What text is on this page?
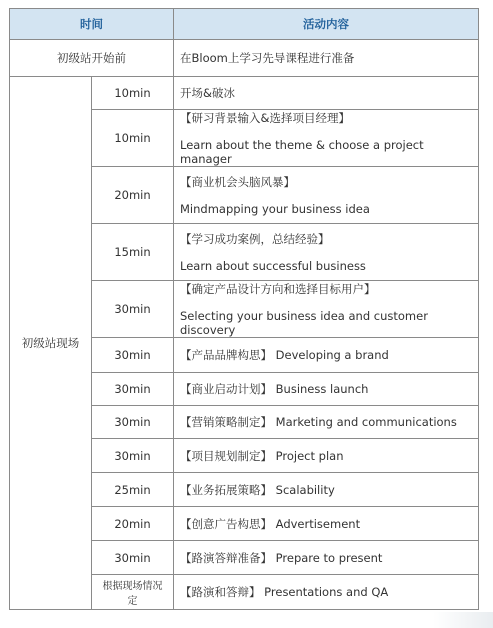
时间		活动内容
初级站开始前		在Bloom上学习先导课程进行准备
初级站现场	10min	开场&破冰

	10min	【研习背景输入&选择项目经理】
Learn about the theme & choose a project manager

	20min	【商业机会头脑风暴】
Mindmapping your business idea

	15min	【学习成功案例，总结经验】
Learn about successful business

	30min	【确定产品设计方向和选择目标用户】
Selecting your business idea and customer discovery

	30min	【产品品牌构思】 Developing a brand

	30min	【商业启动计划】 Business launch

	30min	【营销策略制定】 Marketing and communications

	30min	【项目规划制定】 Project plan

	25min	【业务拓展策略】 Scalability

	20min	【创意广告构思】 Advertisement

	30min	【路演答辩准备】 Prepare to present

	根据现场情况定	【路演和答辩】 Presentations and QA
